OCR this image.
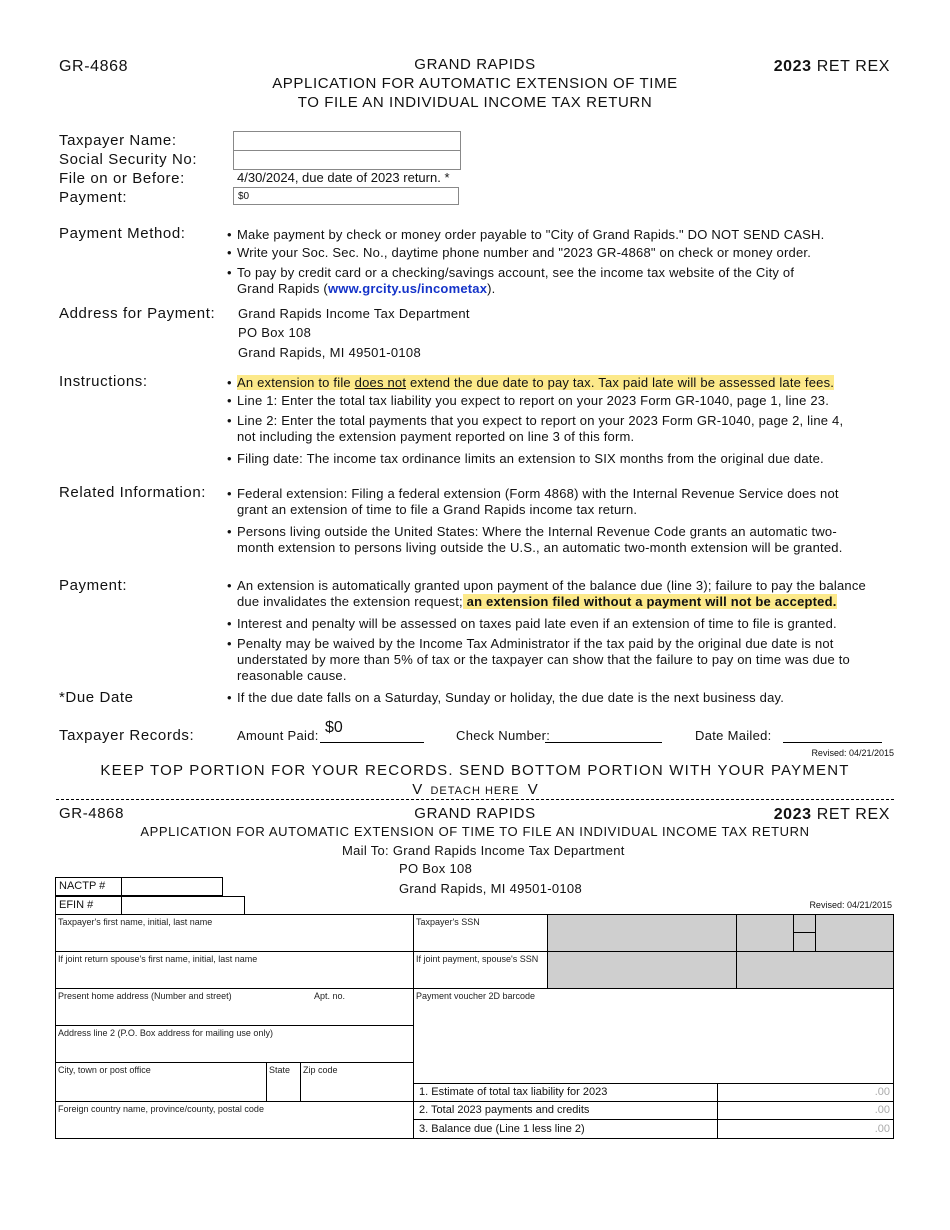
GR-4868	GRAND RAPIDS
APPLICATION FOR AUTOMATIC EXTENSION OF TIME
TO FILE AN INDIVIDUAL INCOME TAX RETURN
2023 RET REX
Taxpayer Name:
Social Security No:
File on or Before:	4/30/2024, due date of 2023 return. *
Payment:	$0
Payment Method:	• Make payment by check or money order payable to "City of Grand Rapids." DO NOT SEND CASH.
• Write your Soc. Sec. No., daytime phone number and "2023 GR-4868" on check or money order.
• To pay by credit card or a checking/savings account, see the income tax website of the City of
Grand Rapids (www.grcity.us/incometax).
Address for Payment: Grand Rapids Income Tax Department
PO Box 108
Grand Rapids, MI 49501-0108
Instructions:	• An extension to file does not extend the due date to pay tax. Tax paid late will be assessed late fees.
• Line 1: Enter the total tax liability you expect to report on your 2023 Form GR-1040, page 1, line 23.
• Line 2: Enter the total payments that you expect to report on your 2023 Form GR-1040, page 2, line 4,
not including the extension payment reported on line 3 of this form.
• Filing date: The income tax ordinance limits an extension to SIX months from the original due date.
Related Information: • Federal extension: Filing a federal extension (Form 4868) with the Internal Revenue Service does not
grant an extension of time to file a Grand Rapids income tax return.
• Persons living outside the United States: Where the Internal Revenue Code grants an automatic two-
month extension to persons living outside the U.S., an automatic two-month extension will be granted.
Payment:	• An extension is automatically granted upon payment of the balance due (line 3); failure to pay the balance
due invalidates the extension request; an extension filed without a payment will not be accepted.
• Interest and penalty will be assessed on taxes paid late even if an extension of time to file is granted.
• Penalty may be waived by the Income Tax Administrator if the tax paid by the original due date is not
understated by more than 5% of tax or the taxpayer can show that the failure to pay on time was due to
reasonable cause.
*Due Date	• If the due date falls on a Saturday, Sunday or holiday, the due date is the next business day.
Taxpayer Records:	Amount Paid: $0	Check Number:	Date Mailed:
Revised: 04/21/2015
KEEP TOP PORTION FOR YOUR RECORDS. SEND BOTTOM PORTION WITH YOUR PAYMENT
V DETACH HERE V
GR-4868	GRAND RAPIDS	2023 RET REX
APPLICATION FOR AUTOMATIC EXTENSION OF TIME TO FILE AN INDIVIDUAL INCOME TAX RETURN
Mail To: Grand Rapids Income Tax Department
PO Box 108
Grand Rapids, MI 49501-0108
NACTP #
EFIN #	Revised: 04/21/2015
Taxpayer's first name, initial, last name
If joint return spouse's first name, initial, last name
Present home address (Number and street)	Apt. no.
Address line 2 (P.O. Box address for mailing use only)
City, town or post office	State	Zip code
Foreign country name, province/county, postal code
Taxpayer's SSN
If joint payment, spouse's SSN
Payment voucher 2D barcode
1. Estimate of total tax liability for 2023	.00
2. Total 2023 payments and credits	.00
3. Balance due (Line 1 less line 2)	.00
